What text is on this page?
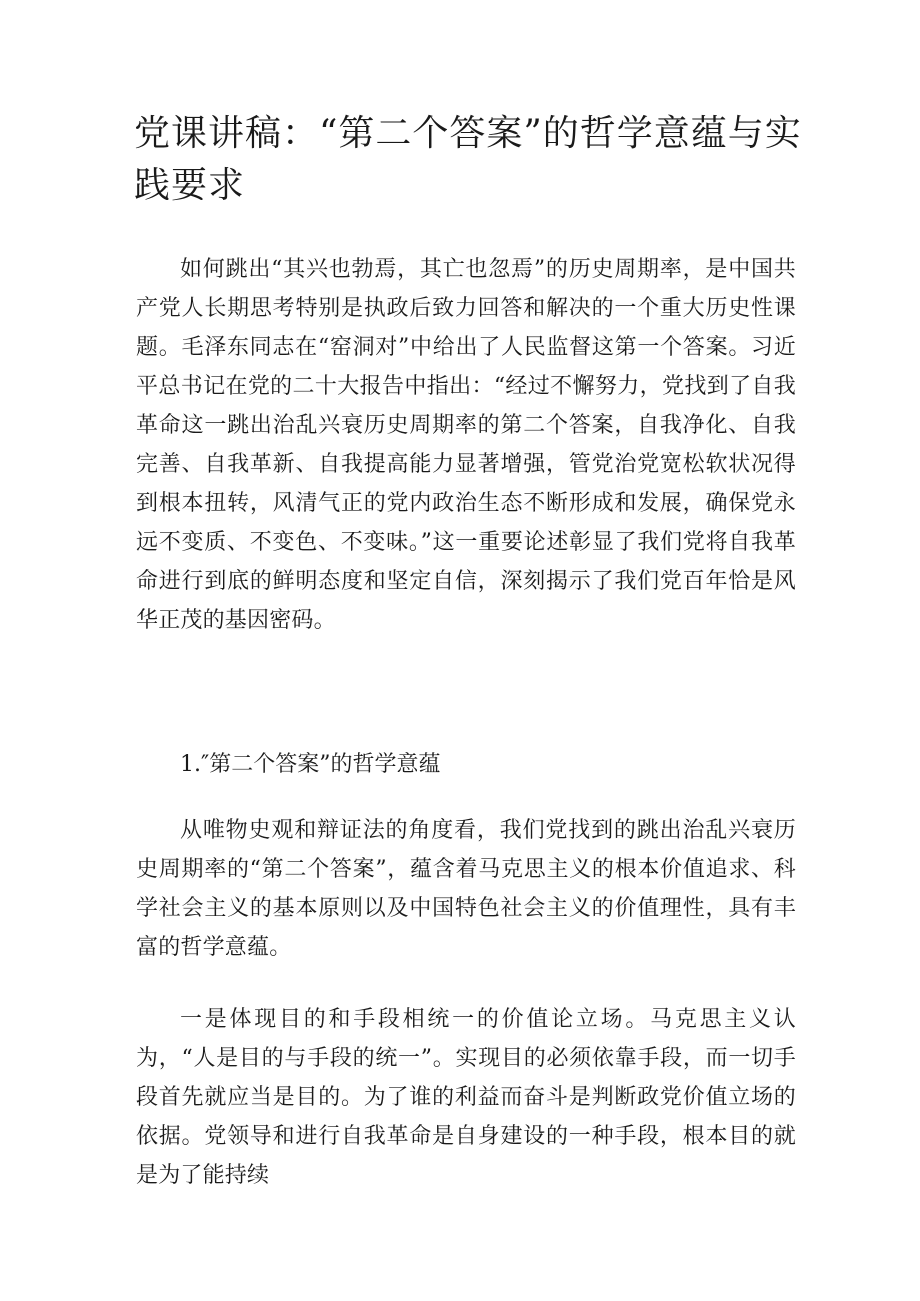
党课讲稿：“第二个答案”的哲学意蕴与实践要求

如何跳出“其兴也勃焉，其亡也忽焉”的历史周期率，是中国共产党人长期思考特别是执政后致力回答和解决的一个重大历史性课题。毛泽东同志在“窑洞对”中给出了人民监督这第一个答案。习近平总书记在党的二十大报告中指出：“经过不懈努力，党找到了自我革命这一跳出治乱兴衰历史周期率的第二个答案，自我净化、自我完善、自我革新、自我提高能力显著增强，管党治党宽松软状况得到根本扭转，风清气正的党内政治生态不断形成和发展，确保党永远不变质、不变色、不变味。”这一重要论述彰显了我们党将自我革命进行到底的鲜明态度和坚定自信，深刻揭示了我们党百年恰是风华正茂的基因密码。

1.″第二个答案”的哲学意蕴

从唯物史观和辩证法的角度看，我们党找到的跳出治乱兴衰历史周期率的“第二个答案”，蕴含着马克思主义的根本价值追求、科学社会主义的基本原则以及中国特色社会主义的价值理性，具有丰富的哲学意蕴。

一是体现目的和手段相统一的价值论立场。马克思主义认为，“人是目的与手段的统一”。实现目的必须依靠手段，而一切手段首先就应当是目的。为了谁的利益而奋斗是判断政党价值立场的依据。党领导和进行自我革命是自身建设的一种手段，根本目的就是为了能持续
